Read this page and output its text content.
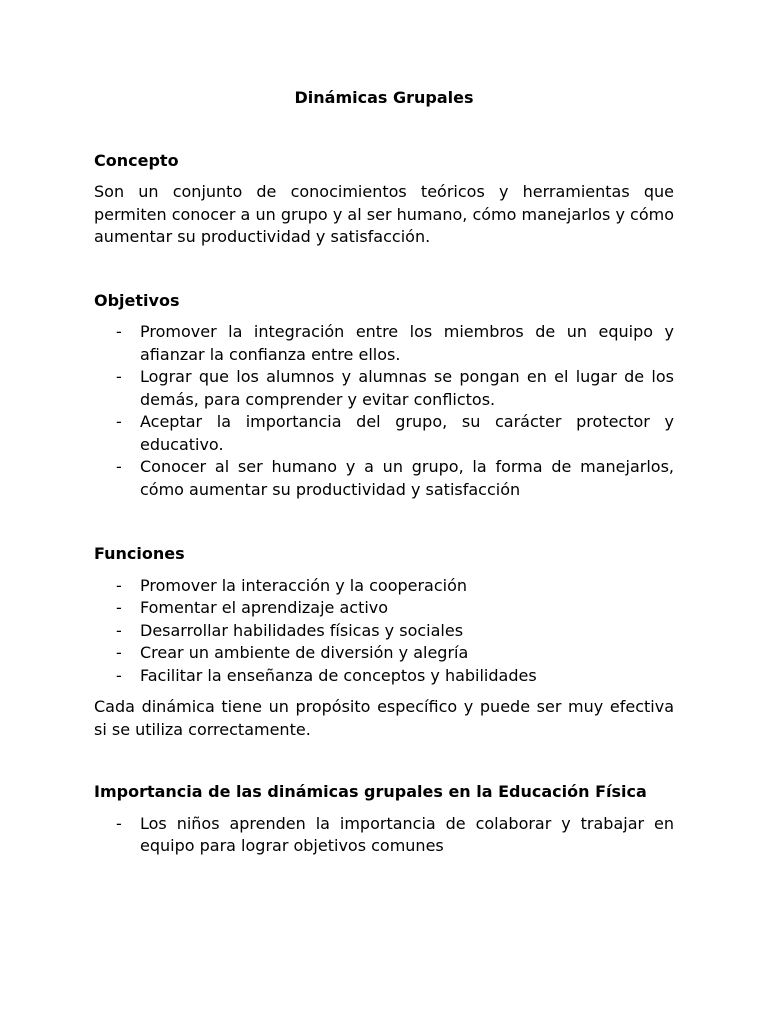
Dinámicas Grupales

Concepto

Son un conjunto de conocimientos teóricos y herramientas que permiten conocer a un grupo y al ser humano, cómo manejarlos y cómo aumentar su productividad y satisfacción.

Objetivos

- Promover la integración entre los miembros de un equipo y afianzar la confianza entre ellos.
- Lograr que los alumnos y alumnas se pongan en el lugar de los demás, para comprender y evitar conflictos.
- Aceptar la importancia del grupo, su carácter protector y educativo.
- Conocer al ser humano y a un grupo, la forma de manejarlos, cómo aumentar su productividad y satisfacción

Funciones

- Promover la interacción y la cooperación
- Fomentar el aprendizaje activo
- Desarrollar habilidades físicas y sociales
- Crear un ambiente de diversión y alegría
- Facilitar la enseñanza de conceptos y habilidades

Cada dinámica tiene un propósito específico y puede ser muy efectiva si se utiliza correctamente.

Importancia de las dinámicas grupales en la Educación Física

- Los niños aprenden la importancia de colaborar y trabajar en equipo para lograr objetivos comunes
